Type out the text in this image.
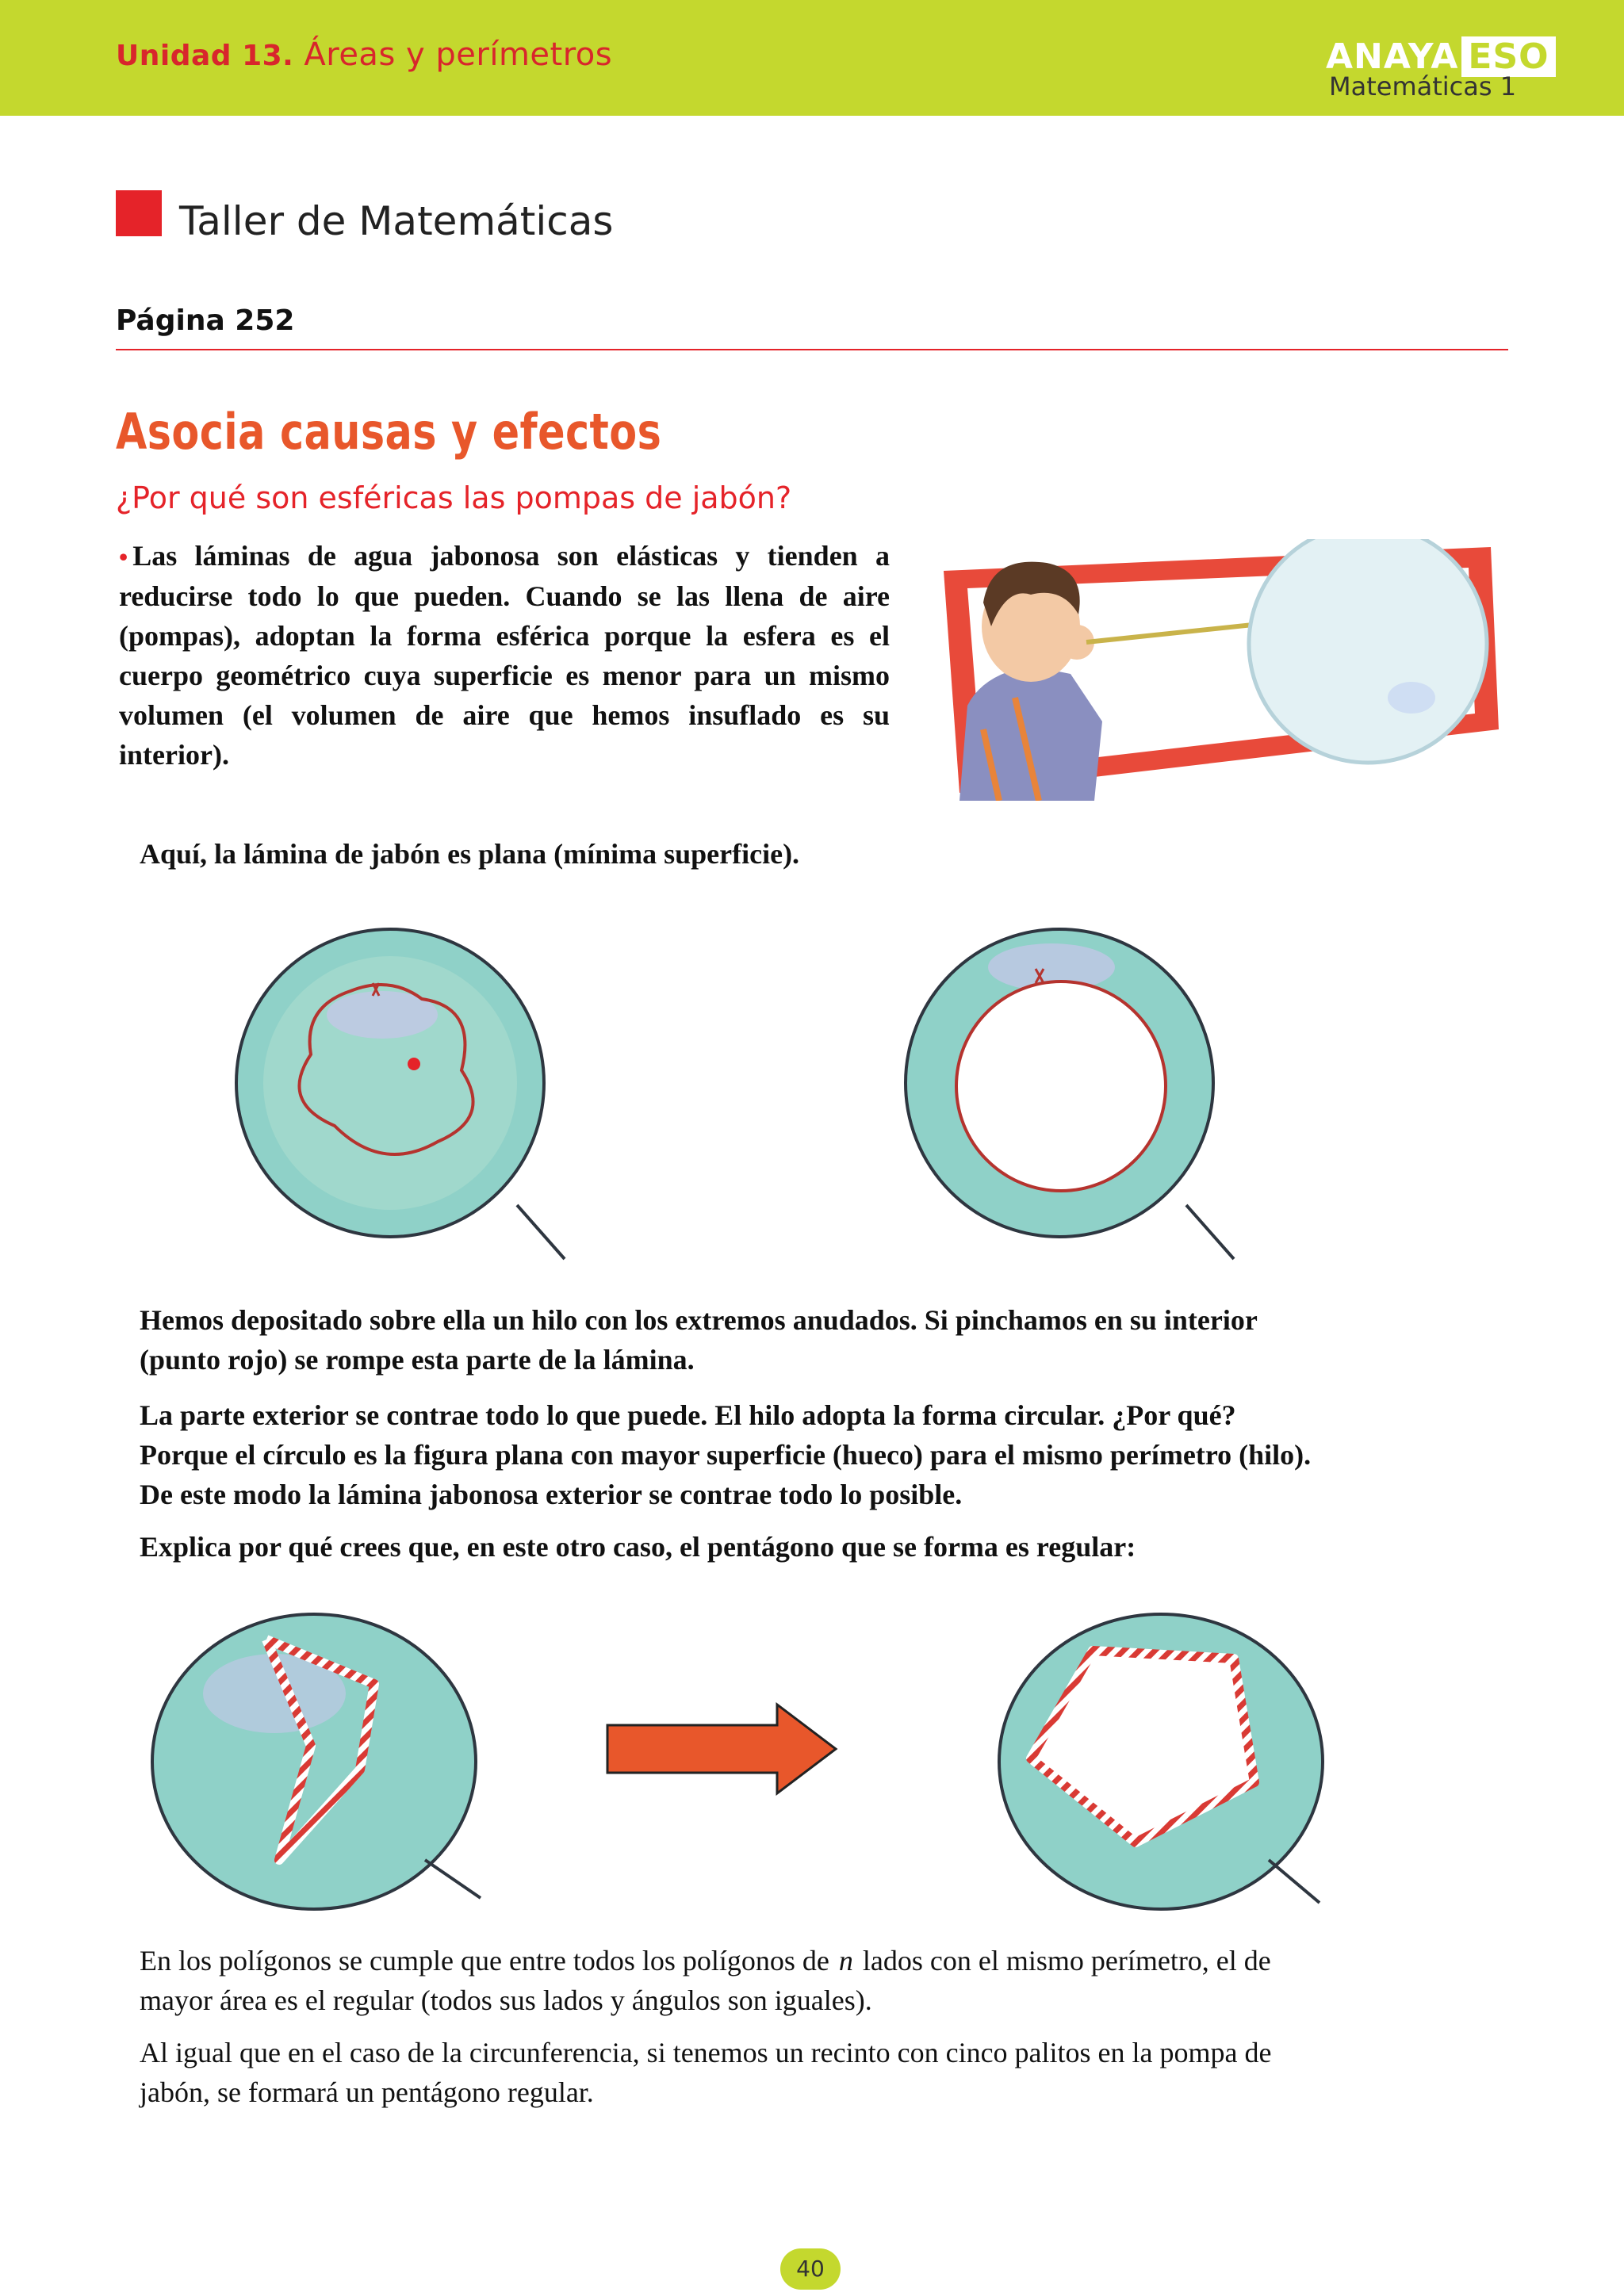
Unidad 13. Áreas y perímetros	ANAYA ESO
Matemáticas 1
Taller de Matemáticas
Página 252
Asocia causas y efectos
¿Por qué son esféricas las pompas de jabón?
• Las láminas de agua jabonosa son elásticas y tienden a reducirse todo lo que pueden. Cuando se las llena de aire (pompas), adoptan la forma esférica porque la esfera es el cuerpo geométrico cuya superficie es menor para un mismo volumen (el volumen de aire que hemos insuflado es su interior).
Aquí, la lámina de jabón es plana (mínima superficie).
Hemos depositado sobre ella un hilo con los extremos anudados. Si pinchamos en su interior (punto rojo) se rompe esta parte de la lámina.
La parte exterior se contrae todo lo que puede. El hilo adopta la forma circular. ¿Por qué? Porque el círculo es la figura plana con mayor superficie (hueco) para el mismo perímetro (hilo). De este modo la lámina jabonosa exterior se contrae todo lo posible.
Explica por qué crees que, en este otro caso, el pentágono que se forma es regular:
En los polígonos se cumple que entre todos los polígonos de n lados con el mismo perímetro, el de mayor área es el regular (todos sus lados y ángulos son iguales).
Al igual que en el caso de la circunferencia, si tenemos un recinto con cinco palitos en la pompa de jabón, se formará un pentágono regular.
40
